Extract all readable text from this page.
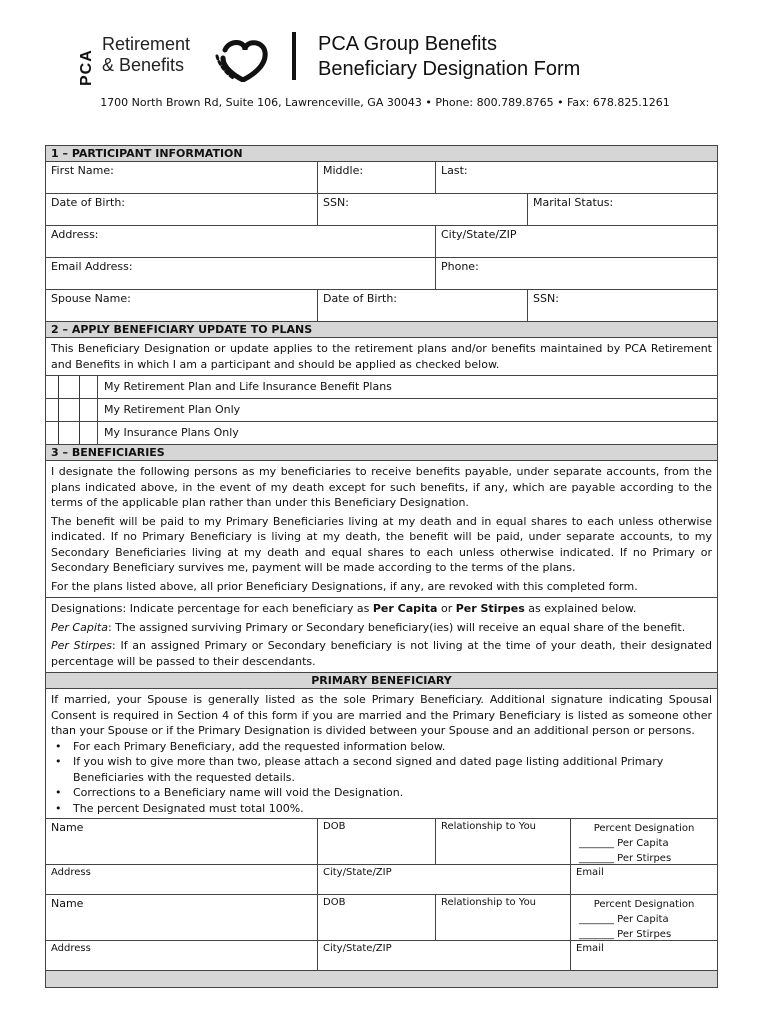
PCA
Retirement
& Benefits
PCA Group Benefits
Beneficiary Designation Form
1700 North Brown Rd, Suite 106, Lawrenceville, GA 30043 • Phone: 800.789.8765 • Fax: 678.825.1261
1 – PARTICIPANT INFORMATION
First Name:	Middle:	Last:
Date of Birth:	SSN:	Marital Status:
Address:	City/State/ZIP
Email Address:	Phone:
Spouse Name:	Date of Birth:	SSN:
2 – APPLY BENEFICIARY UPDATE TO PLANS
This Beneficiary Designation or update applies to the retirement plans and/or benefits maintained by PCA Retirement and Benefits in which I am a participant and should be applied as checked below.
My Retirement Plan and Life Insurance Benefit Plans
My Retirement Plan Only
My Insurance Plans Only
3 – BENEFICIARIES

I designate the following persons as my beneficiaries to receive benefits payable, under separate accounts, from the plans indicated above, in the event of my death except for such benefits, if any, which are payable according to the terms of the applicable plan rather than under this Beneficiary Designation.

The benefit will be paid to my Primary Beneficiaries living at my death and in equal shares to each unless otherwise indicated. If no Primary Beneficiary is living at my death, the benefit will be paid, under separate accounts, to my Secondary Beneficiaries living at my death and equal shares to each unless otherwise indicated. If no Primary or Secondary Beneficiary survives me, payment will be made according to the terms of the plans.

For the plans listed above, all prior Beneficiary Designations, if any, are revoked with this completed form.

Designations: Indicate percentage for each beneficiary as Per Capita or Per Stirpes as explained below.

Per Capita: The assigned surviving Primary or Secondary beneficiary(ies) will receive an equal share of the benefit.

Per Stirpes: If an assigned Primary or Secondary beneficiary is not living at the time of your death, their designated percentage will be passed to their descendants.

PRIMARY BENEFICIARY
If married, your Spouse is generally listed as the sole Primary Beneficiary. Additional signature indicating Spousal Consent is required in Section 4 of this form if you are married and the Primary Beneficiary is listed as someone other than your Spouse or if the Primary Designation is divided between your Spouse and an additional person or persons.
• For each Primary Beneficiary, add the requested information below.
• If you wish to give more than two, please attach a second signed and dated page listing additional Primary Beneficiaries with the requested details.
• Corrections to a Beneficiary name will void the Designation.
• The percent Designated must total 100%.
Name	DOB	Relationship to You	Percent Designation
_______ Per Capita
_______ Per Stirpes
Address	City/State/ZIP	Email
Name	DOB	Relationship to You	Percent Designation
_______ Per Capita
_______ Per Stirpes
Address	City/State/ZIP	Email
